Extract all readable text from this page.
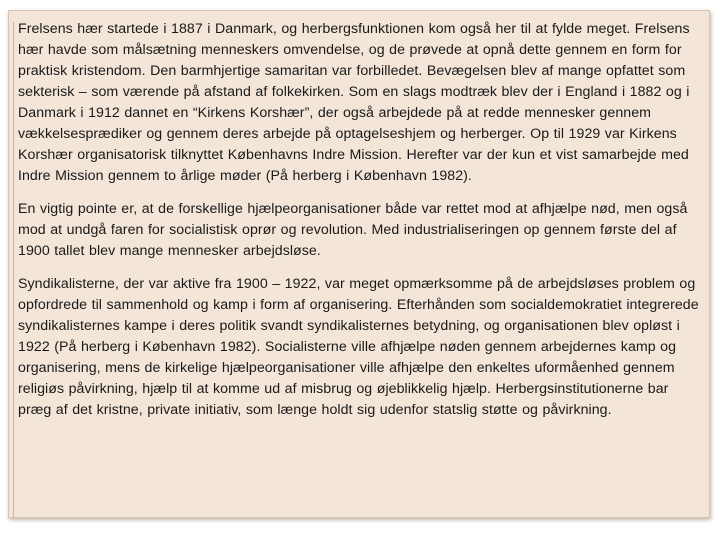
Frelsens hær startede i 1887 i Danmark, og herbergsfunktionen kom også her til at fylde meget. Frelsens hær havde som målsætning menneskers omvendelse, og de prøvede at opnå dette gennem en form for praktisk kristendom. Den barmhjertige samaritan var forbilledet. Bevægelsen blev af mange opfattet som sekterisk – som værende på afstand af folkekirken. Som en slags modtræk blev der i England i 1882 og i Danmark i 1912 dannet en “Kirkens Korshær”, der også arbejdede på at redde mennesker gennem vækkelsesprædiker og gennem deres arbejde på optagelseshjem og herberger. Op til 1929 var Kirkens Korshær organisatorisk tilknyttet Københavns Indre Mission. Herefter var der kun et vist samarbejde med Indre Mission gennem to årlige møder (På herberg i København 1982).

En vigtig pointe er, at de forskellige hjælpeorganisationer både var rettet mod at afhjælpe nød, men også mod at undgå faren for socialistisk oprør og revolution. Med industrialiseringen op gennem første del af 1900 tallet blev mange mennesker arbejdsløse.

Syndikalisterne, der var aktive fra 1900 – 1922, var meget opmærksomme på de arbejdsløses problem og opfordrede til sammenhold og kamp i form af organisering. Efterhånden som socialdemokratiet integrerede syndikalisternes kampe i deres politik svandt syndikalisternes betydning, og organisationen blev opløst i 1922 (På herberg i København 1982). Socialisterne ville afhjælpe nøden gennem arbejdernes kamp og organisering, mens de kirkelige hjælpeorganisationer ville afhjælpe den enkeltes uformåenhed gennem religiøs påvirkning, hjælp til at komme ud af misbrug og øjeblikkelig hjælp. Herbergsinstitutionerne bar præg af det kristne, private initiativ, som længe holdt sig udenfor statslig støtte og påvirkning.
